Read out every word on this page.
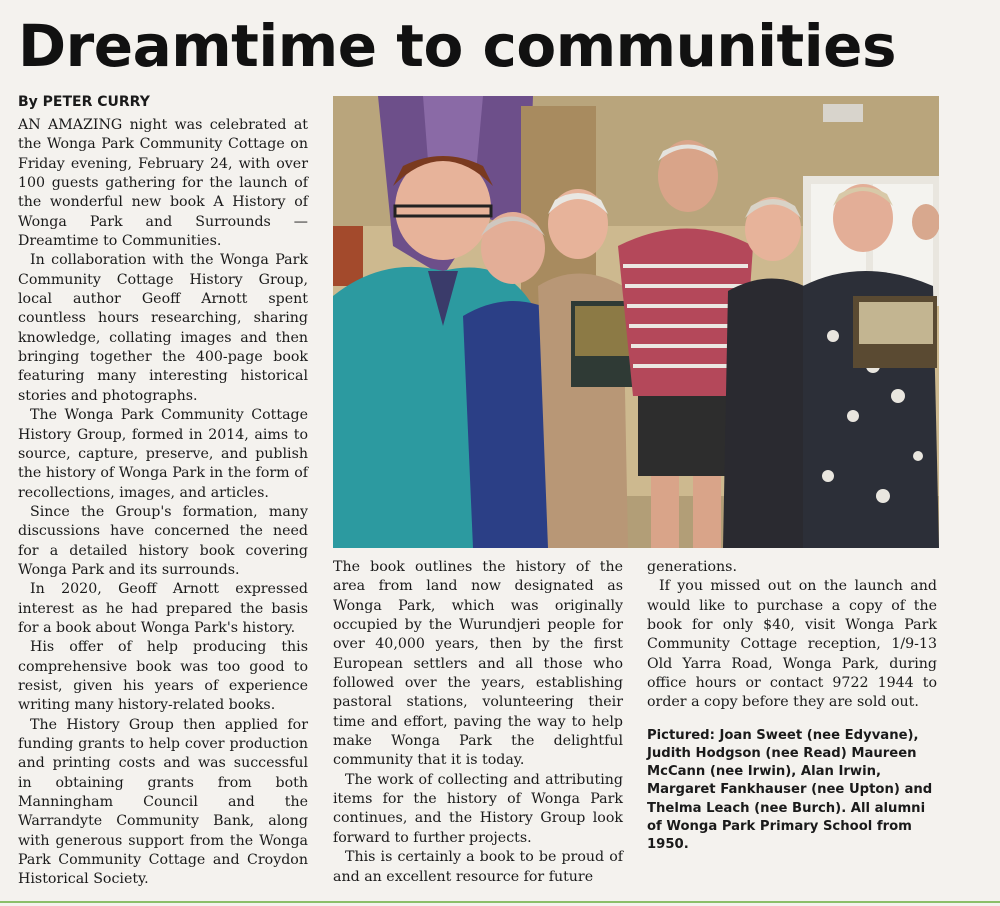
Dreamtime to communities
By PETER CURRY

AN AMAZING night was celebrated at the Wonga Park Community Cottage on Friday evening, February 24, with over 100 guests gathering for the launch of the wonderful new book A History of Wonga Park and Surrounds — Dreamtime to Communities.

In collaboration with the Wonga Park Community Cottage History Group, local author Geoff Arnott spent countless hours researching, sharing knowledge, collating images and then bringing together the 400-page book featuring many interesting historical stories and photographs.

The Wonga Park Community Cottage History Group, formed in 2014, aims to source, capture, preserve, and publish the history of Wonga Park in the form of recollections, images, and articles.

Since the Group's formation, many discussions have concerned the need for a detailed history book covering Wonga Park and its surrounds.

In 2020, Geoff Arnott expressed interest as he had prepared the basis for a book about Wonga Park's history.

His offer of help producing this comprehensive book was too good to resist, given his years of experience writing many history-related books.

The History Group then applied for funding grants to help cover production and printing costs and was successful in obtaining grants from both Manningham Council and the Warrandyte Community Bank, along with generous support from the Wonga Park Community Cottage and Croydon Historical Society.

The book outlines the history of the area from land now designated as Wonga Park, which was originally occupied by the Wurundjeri people for over 40,000 years, then by the first European settlers and all those who followed over the years, establishing pastoral stations, volunteering their time and effort, paving the way to help make Wonga Park the delightful community that it is today.

The work of collecting and attributing items for the history of Wonga Park continues, and the History Group look forward to further projects.

This is certainly a book to be proud of and an excellent resource for future

generations.

If you missed out on the launch and would like to purchase a copy of the book for only $40, visit Wonga Park Community Cottage reception, 1/9-13 Old Yarra Road, Wonga Park, during office hours or contact 9722 1944 to order a copy before they are sold out.

Pictured: Joan Sweet (nee Edyvane), Judith Hodgson (nee Read) Maureen McCann (nee Irwin), Alan Irwin, Margaret Fankhauser (nee Upton) and Thelma Leach (nee Burch). All alumni of Wonga Park Primary School from 1950.
